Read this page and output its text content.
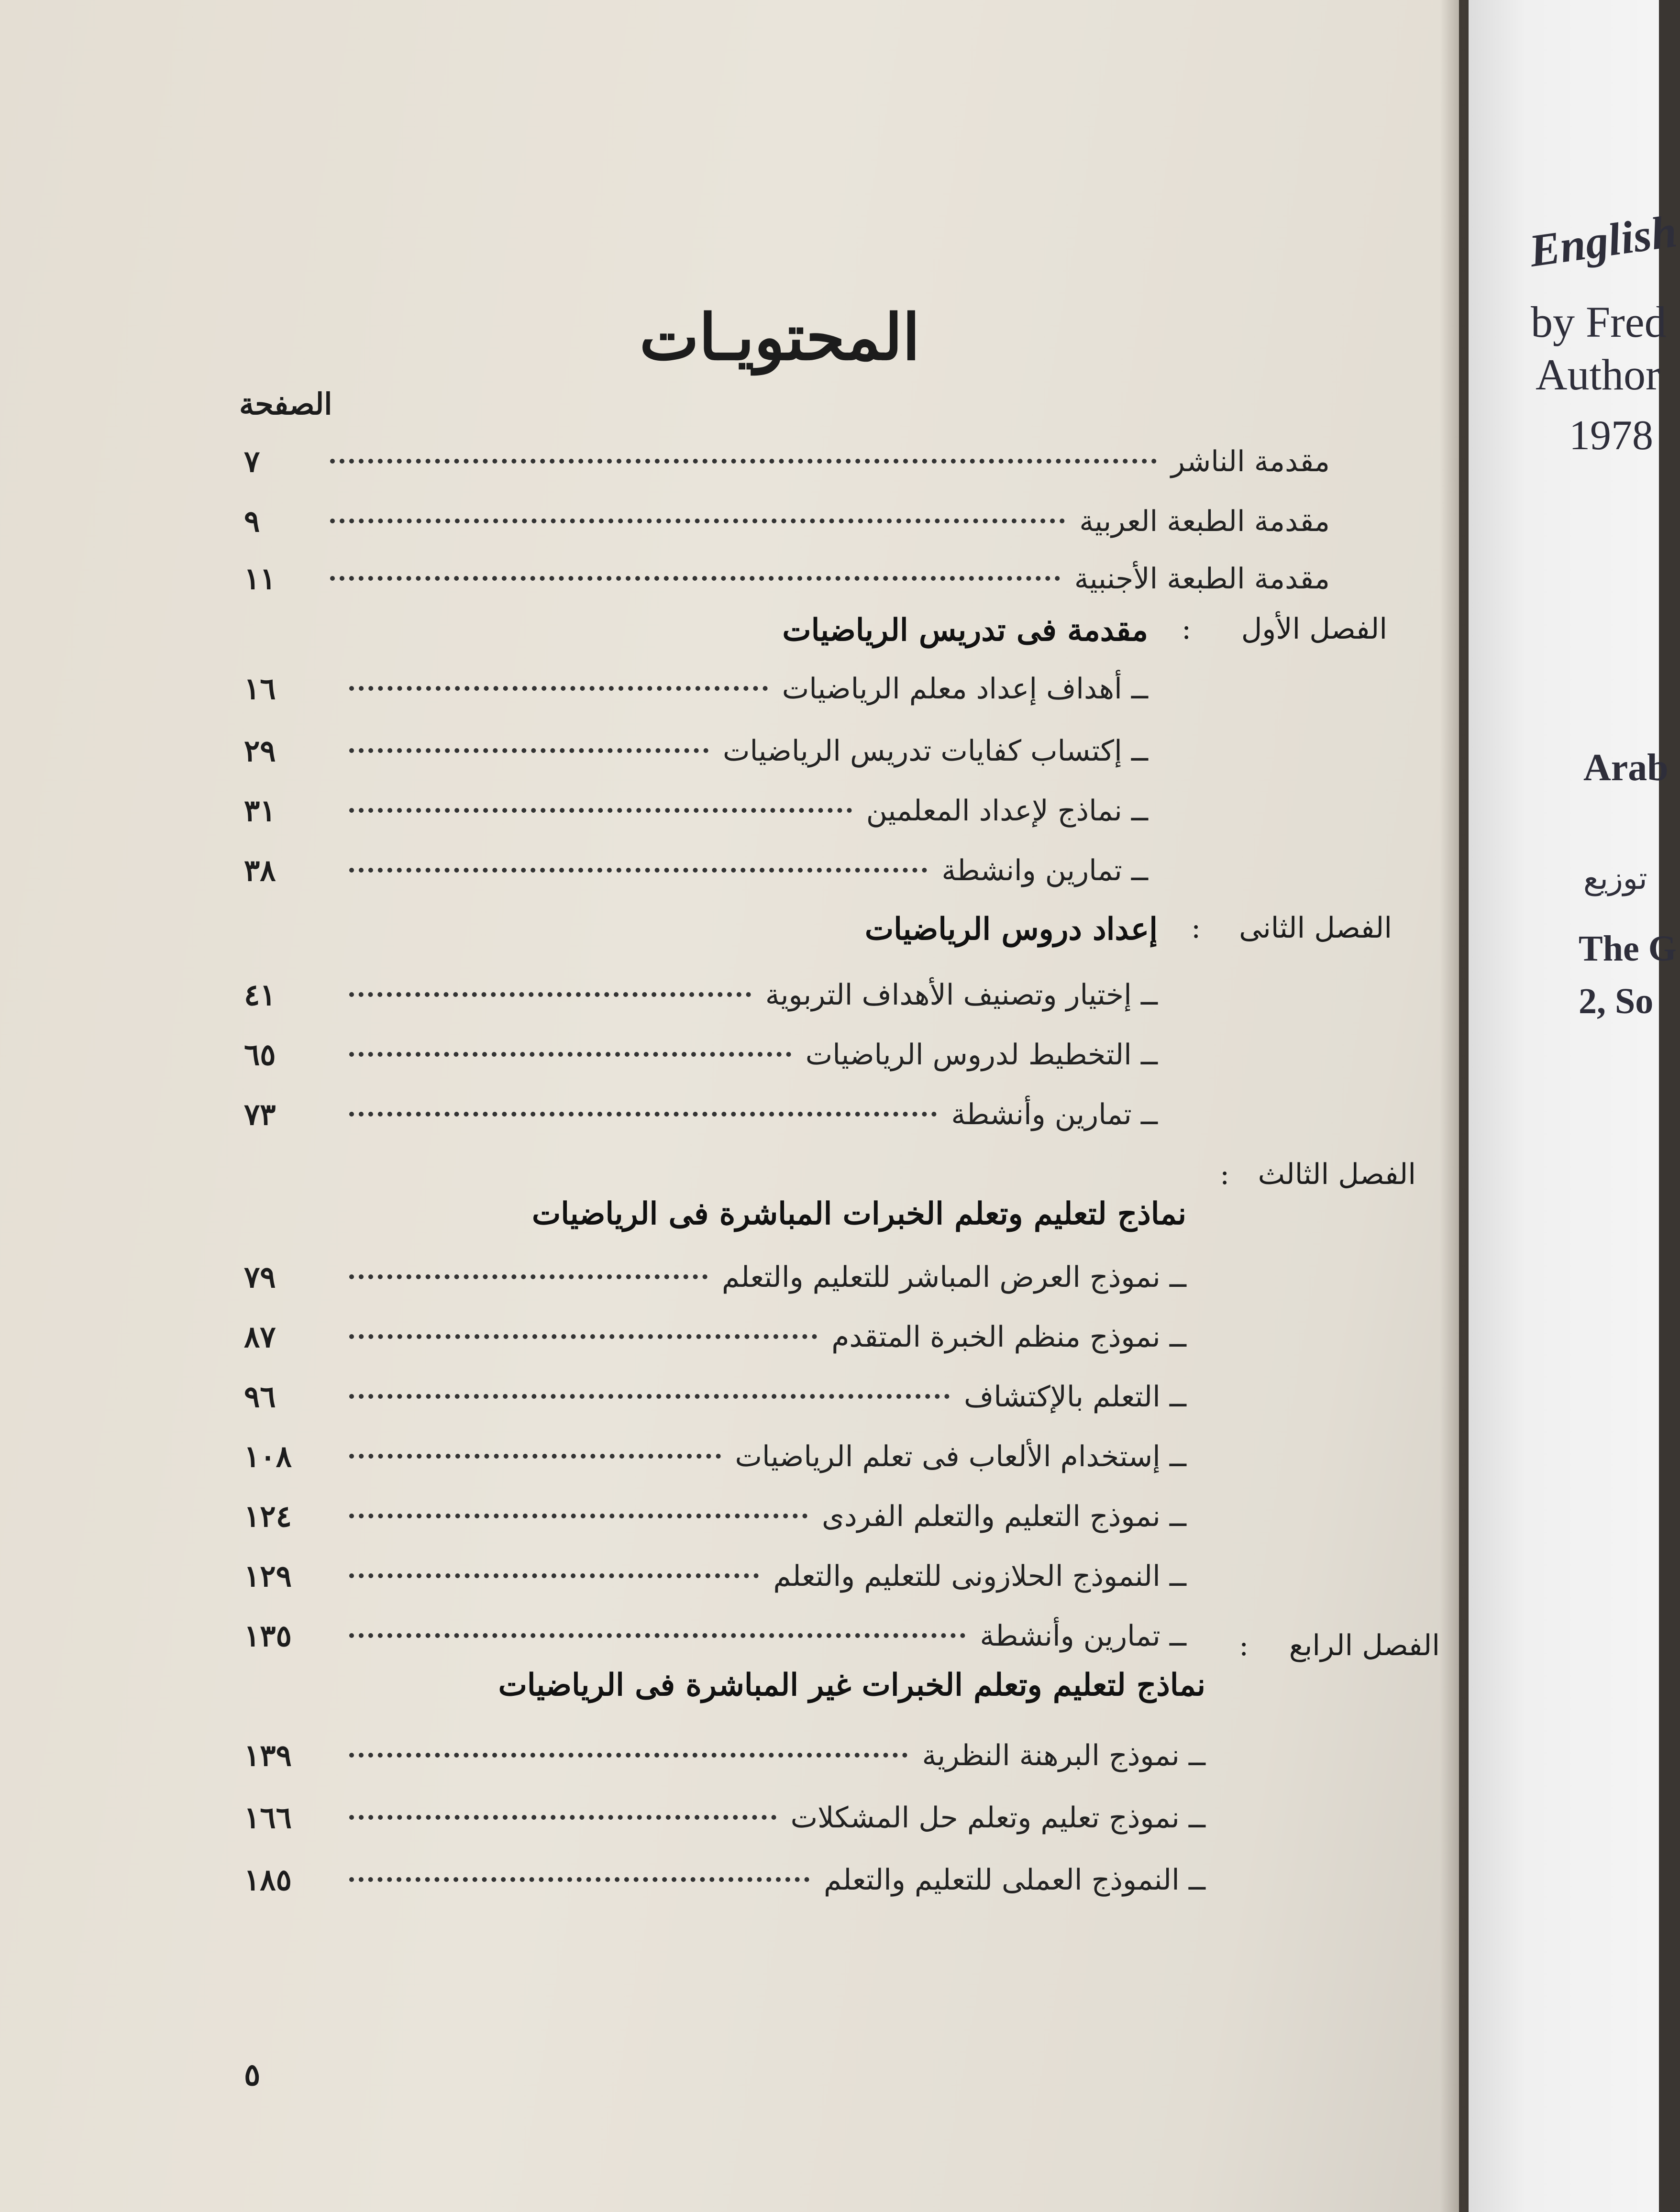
المحتويـات
الصفحة
مقدمة الناشر
٧
مقدمة الطبعة العربية
٩
مقدمة الطبعة الأجنبية
١١
الفصل الأول
:
مقدمة فى تدريس الرياضيات
ــ أهداف إعداد معلم الرياضيات
١٦
ــ إكتساب كفايات تدريس الرياضيات
٢٩
ــ نماذج لإعداد المعلمين
٣١
ــ تمارين وانشطة
٣٨
الفصل الثانى
:
إعداد دروس الرياضيات
ــ إختيار وتصنيف الأهداف التربوية
٤١
ــ التخطيط لدروس الرياضيات
٦٥
ــ تمارين وأنشطة
٧٣
الفصل الثالث
:
نماذج لتعليم وتعلم الخبرات المباشرة فى الرياضيات
ــ نموذج العرض المباشر للتعليم والتعلم
٧٩
ــ نموذج منظم الخبرة المتقدم
٨٧
ــ التعلم بالإكتشاف
٩٦
ــ إستخدام الألعاب فى تعلم الرياضيات
١٠٨
ــ نموذج التعليم والتعلم الفردى
١٢٤
ــ النموذج الحلازونى للتعليم والتعلم
١٢٩
ــ تمارين وأنشطة
١٣٥	الفصل الرابع
:
نماذج لتعليم وتعلم الخبرات غير المباشرة فى الرياضيات
ــ نموذج البرهنة النظرية
١٣٩
ــ نموذج تعليم وتعلم حل المشكلات
١٦٦
ــ النموذج العملى للتعليم والتعلم
١٨٥
٥
English
by Fred
Author
1978
Arab
توزيع
The G
2, So
